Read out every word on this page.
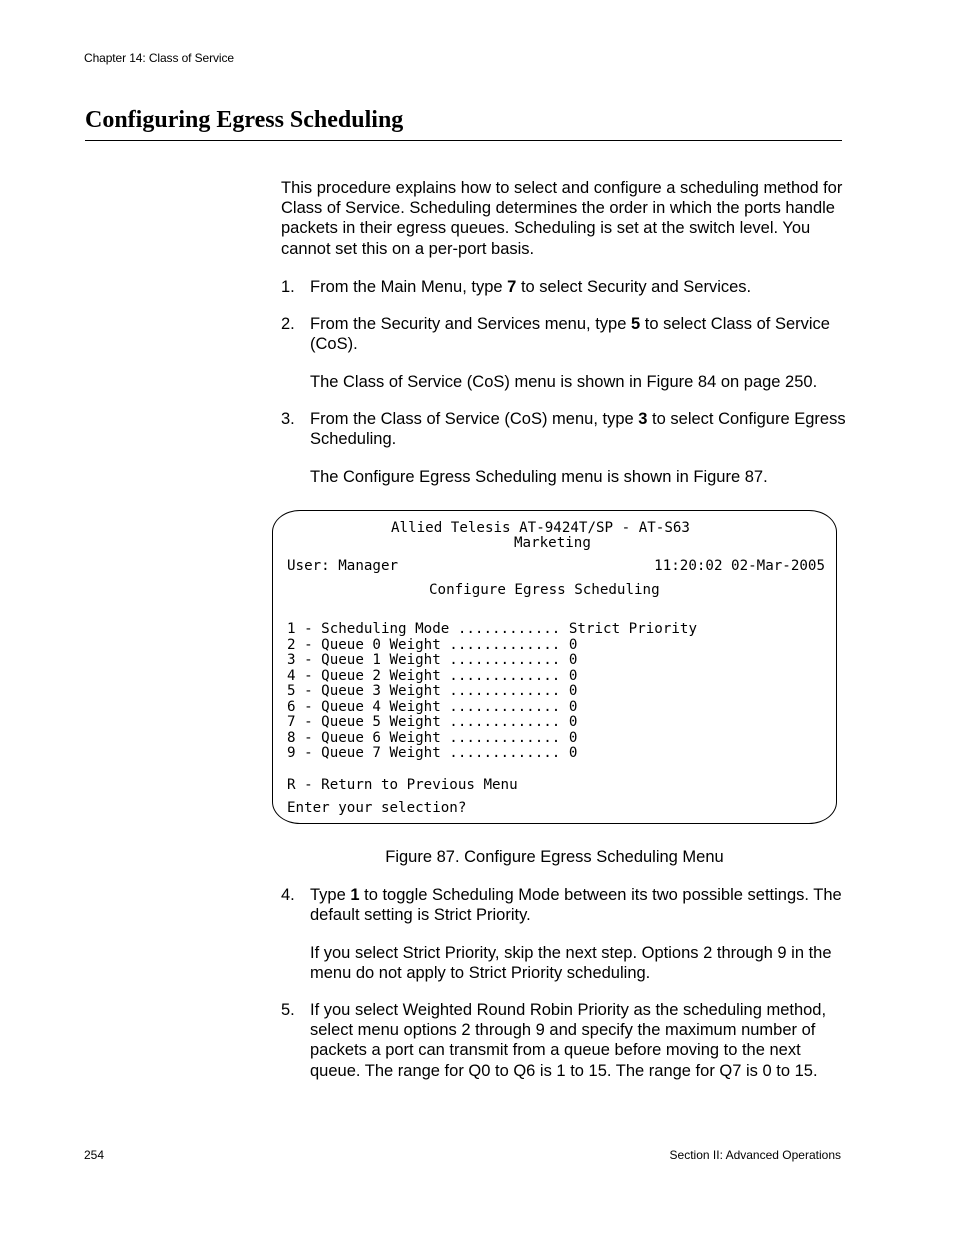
Chapter 14: Class of Service
Configuring Egress Scheduling

This procedure explains how to select and configure a scheduling method for Class of Service. Scheduling determines the order in which the ports handle packets in their egress queues. Scheduling is set at the switch level. You cannot set this on a per-port basis.

1. From the Main Menu, type 7 to select Security and Services.
2. From the Security and Services menu, type 5 to select Class of Service (CoS).
The Class of Service (CoS) menu is shown in Figure 84 on page 250.
3. From the Class of Service (CoS) menu, type 3 to select Configure Egress Scheduling.
The Configure Egress Scheduling menu is shown in Figure 87.
Allied Telesis AT-9424T/SP - AT-S63
Marketing
User: Manager	11:20:02 02-Mar-2005
Configure Egress Scheduling
1 - Scheduling Mode ............ Strict Priority
2 - Queue 0 Weight ............. 0
3 - Queue 1 Weight ............. 0
4 - Queue 2 Weight ............. 0
5 - Queue 3 Weight ............. 0
6 - Queue 4 Weight ............. 0
7 - Queue 5 Weight ............. 0
8 - Queue 6 Weight ............. 0
9 - Queue 7 Weight ............. 0
R - Return to Previous Menu
Enter your selection?
Figure 87. Configure Egress Scheduling Menu
4. Type 1 to toggle Scheduling Mode between its two possible settings. The default setting is Strict Priority.
If you select Strict Priority, skip the next step. Options 2 through 9 in the menu do not apply to Strict Priority scheduling.
5. If you select Weighted Round Robin Priority as the scheduling method, select menu options 2 through 9 and specify the maximum number of packets a port can transmit from a queue before moving to the next queue. The range for Q0 to Q6 is 1 to 15. The range for Q7 is 0 to 15.
254	Section II: Advanced Operations
